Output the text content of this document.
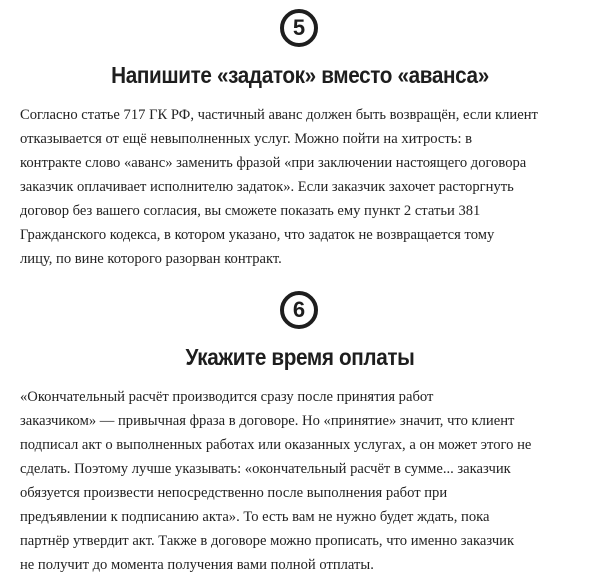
5
Напишите «задаток» вместо «аванса»

Согласно статье 717 ГК РФ, частичный аванс должен быть возвращён, если клиент
отказывается от ещё невыполненных услуг. Можно пойти на хитрость: в
контракте слово «аванс» заменить фразой «при заключении настоящего договора
заказчик оплачивает исполнителю задаток». Если заказчик захочет расторгнуть
договор без вашего согласия, вы сможете показать ему пункт 2 статьи 381
Гражданского кодекса, в котором указано, что задаток не возвращается тому
лицу, по вине которого разорван контракт.

6
Укажите время оплаты

«Окончательный расчёт производится сразу после принятия работ
заказчиком» — привычная фраза в договоре. Но «принятие» значит, что клиент
подписал акт о выполненных работах или оказанных услугах, а он может этого не
сделать. Поэтому лучше указывать: «окончательный расчёт в сумме... заказчик
обязуется произвести непосредственно после выполнения работ при
предъявлении к подписанию акта». То есть вам не нужно будет ждать, пока
партнёр утвердит акт. Также в договоре можно прописать, что именно заказчик
не получит до момента получения вами полной отплаты.
